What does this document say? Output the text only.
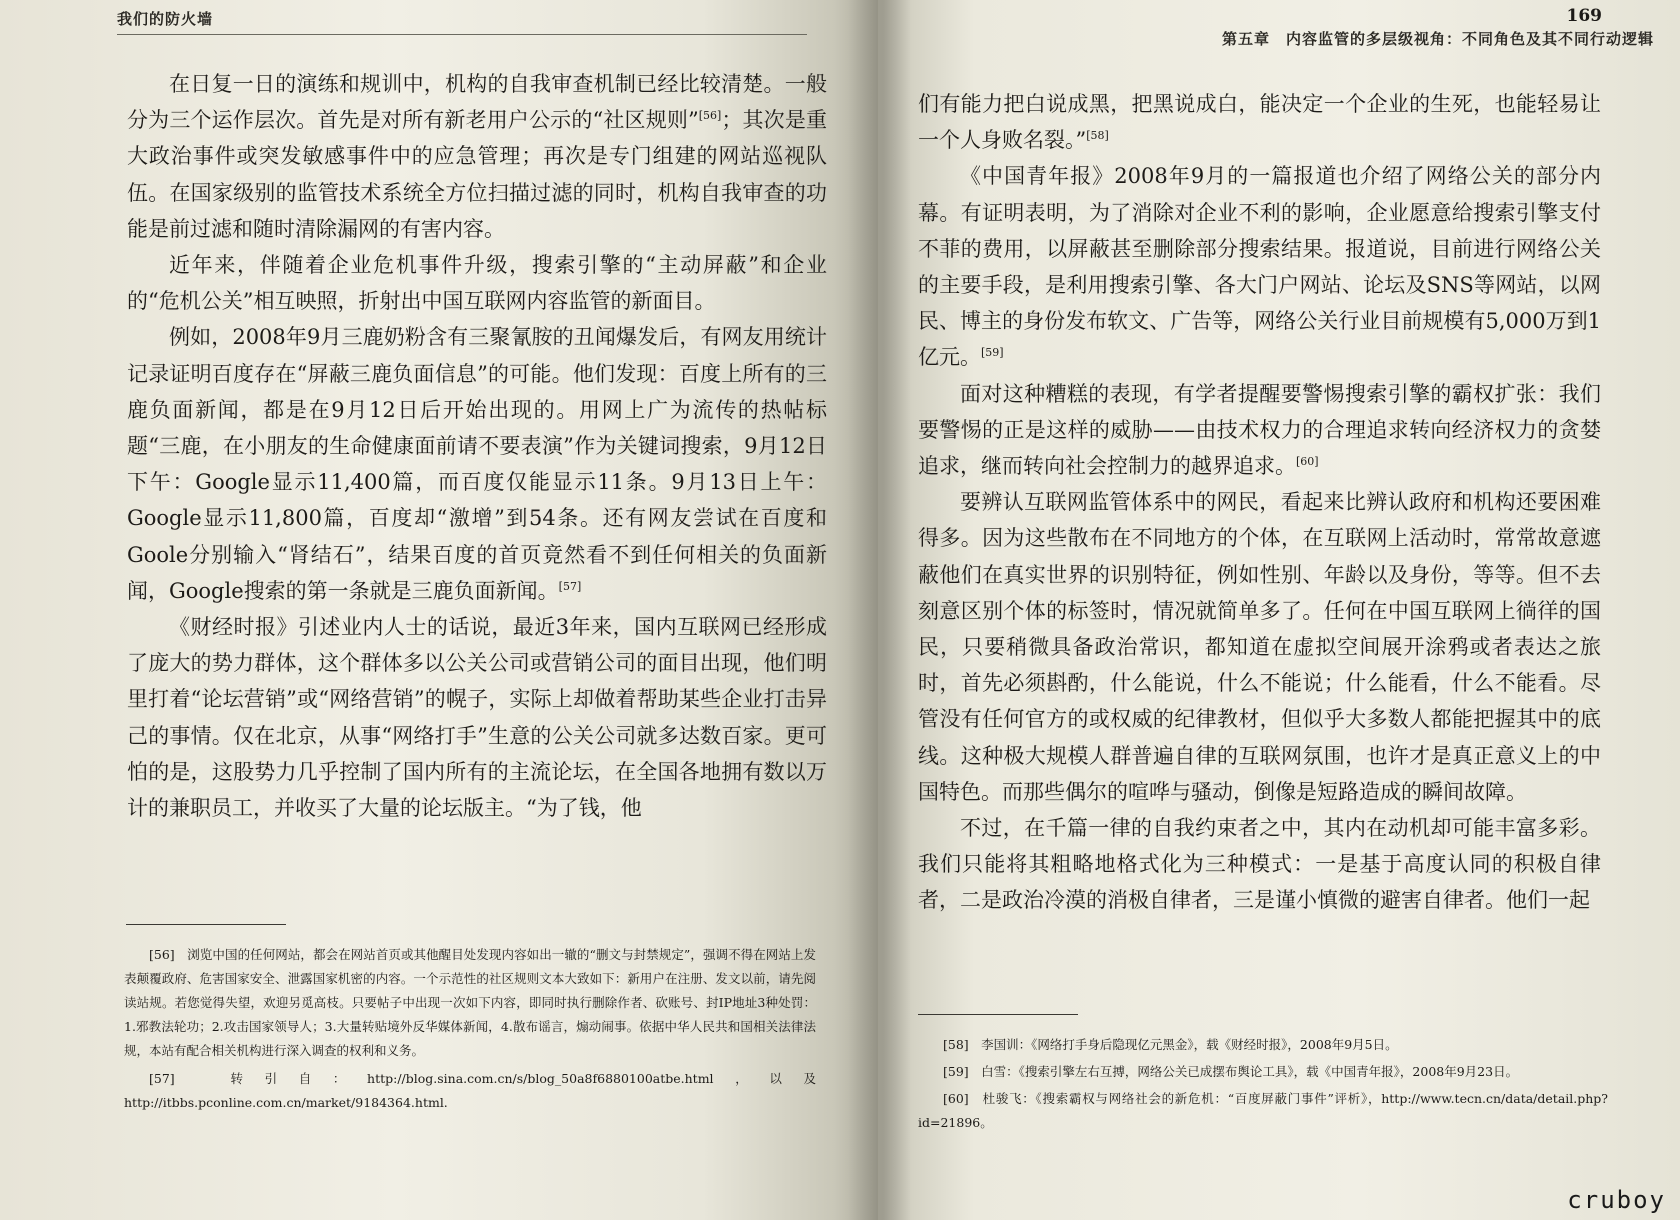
我们的防火墙

在日复一日的演练和规训中，机构的自我审查机制已经比较清楚。一般分为三个运作层次。首先是对所有新老用户公示的“社区规则”[56]；其次是重大政治事件或突发敏感事件中的应急管理；再次是专门组建的网站巡视队伍。在国家级别的监管技术系统全方位扫描过滤的同时，机构自我审查的功能是前过滤和随时清除漏网的有害内容。

近年来，伴随着企业危机事件升级，搜索引擎的“主动屏蔽”和企业的“危机公关”相互映照，折射出中国互联网内容监管的新面目。

例如，2008年9月三鹿奶粉含有三聚氰胺的丑闻爆发后，有网友用统计记录证明百度存在“屏蔽三鹿负面信息”的可能。他们发现：百度上所有的三鹿负面新闻，都是在9月12日后开始出现的。用网上广为流传的热帖标题“三鹿，在小朋友的生命健康面前请不要表演”作为关键词搜索，9月12日下午：Google显示11,400篇，而百度仅能显示11条。9月13日上午：Google显示11,800篇，百度却“激增”到54条。还有网友尝试在百度和Goole分别输入“肾结石”，结果百度的首页竟然看不到任何相关的负面新闻，Google搜索的第一条就是三鹿负面新闻。[57]

《财经时报》引述业内人士的话说，最近3年来，国内互联网已经形成了庞大的势力群体，这个群体多以公关公司或营销公司的面目出现，他们明里打着“论坛营销”或“网络营销”的幌子，实际上却做着帮助某些企业打击异己的事情。仅在北京，从事“网络打手”生意的公关公司就多达数百家。更可怕的是，这股势力几乎控制了国内所有的主流论坛，在全国各地拥有数以万计的兼职员工，并收买了大量的论坛版主。“为了钱，他

[56]　浏览中国的任何网站，都会在网站首页或其他醒目处发现内容如出一辙的“删文与封禁规定”，强调不得在网站上发表颠覆政府、危害国家安全、泄露国家机密的内容。一个示范性的社区规则文本大致如下：新用户在注册、发文以前，请先阅读站规。若您觉得失望，欢迎另觅高枝。只要帖子中出现一次如下内容，即同时执行删除作者、砍账号、封IP地址3种处罚：1.邪教法轮功；2.攻击国家领导人；3.大量转贴境外反华媒体新闻，4.散布谣言，煽动闹事。依据中华人民共和国相关法律法规，本站有配合相关机构进行深入调查的权利和义务。

[57]　转引自：http://blog.sina.com.cn/s/blog_50a8f6880100atbe.html，以及http://itbbs.pconline.com.cn/market/9184364.html.

169
第五章　内容监管的多层级视角：不同角色及其不同行动逻辑

们有能力把白说成黑，把黑说成白，能决定一个企业的生死，也能轻易让一个人身败名裂。”[58]

《中国青年报》2008年9月的一篇报道也介绍了网络公关的部分内幕。有证明表明，为了消除对企业不利的影响，企业愿意给搜索引擎支付不菲的费用，以屏蔽甚至删除部分搜索结果。报道说，目前进行网络公关的主要手段，是利用搜索引擎、各大门户网站、论坛及SNS等网站，以网民、博主的身份发布软文、广告等，网络公关行业目前规模有5,000万到1亿元。[59]

面对这种糟糕的表现，有学者提醒要警惕搜索引擎的霸权扩张：我们要警惕的正是这样的威胁——由技术权力的合理追求转向经济权力的贪婪追求，继而转向社会控制力的越界追求。[60]

要辨认互联网监管体系中的网民，看起来比辨认政府和机构还要困难得多。因为这些散布在不同地方的个体，在互联网上活动时，常常故意遮蔽他们在真实世界的识别特征，例如性别、年龄以及身份，等等。但不去刻意区别个体的标签时，情况就简单多了。任何在中国互联网上徜徉的国民，只要稍微具备政治常识，都知道在虚拟空间展开涂鸦或者表达之旅时，首先必须斟酌，什么能说，什么不能说；什么能看，什么不能看。尽管没有任何官方的或权威的纪律教材，但似乎大多数人都能把握其中的底线。这种极大规模人群普遍自律的互联网氛围，也许才是真正意义上的中国特色。而那些偶尔的喧哗与骚动，倒像是短路造成的瞬间故障。

不过，在千篇一律的自我约束者之中，其内在动机却可能丰富多彩。我们只能将其粗略地格式化为三种模式：一是基于高度认同的积极自律者，二是政治冷漠的消极自律者，三是谨小慎微的避害自律者。他们一起

[58]　李国训：《网络打手身后隐现亿元黑金》，载《财经时报》，2008年9月5日。

[59]　白雪：《搜索引擎左右互搏，网络公关已成摆布舆论工具》，载《中国青年报》，2008年9月23日。

[60]　杜骏飞：《搜索霸权与网络社会的新危机：“百度屏蔽门事件”评析》，http://www.tecn.cn/data/detail.php?id=21896。

cruboy
